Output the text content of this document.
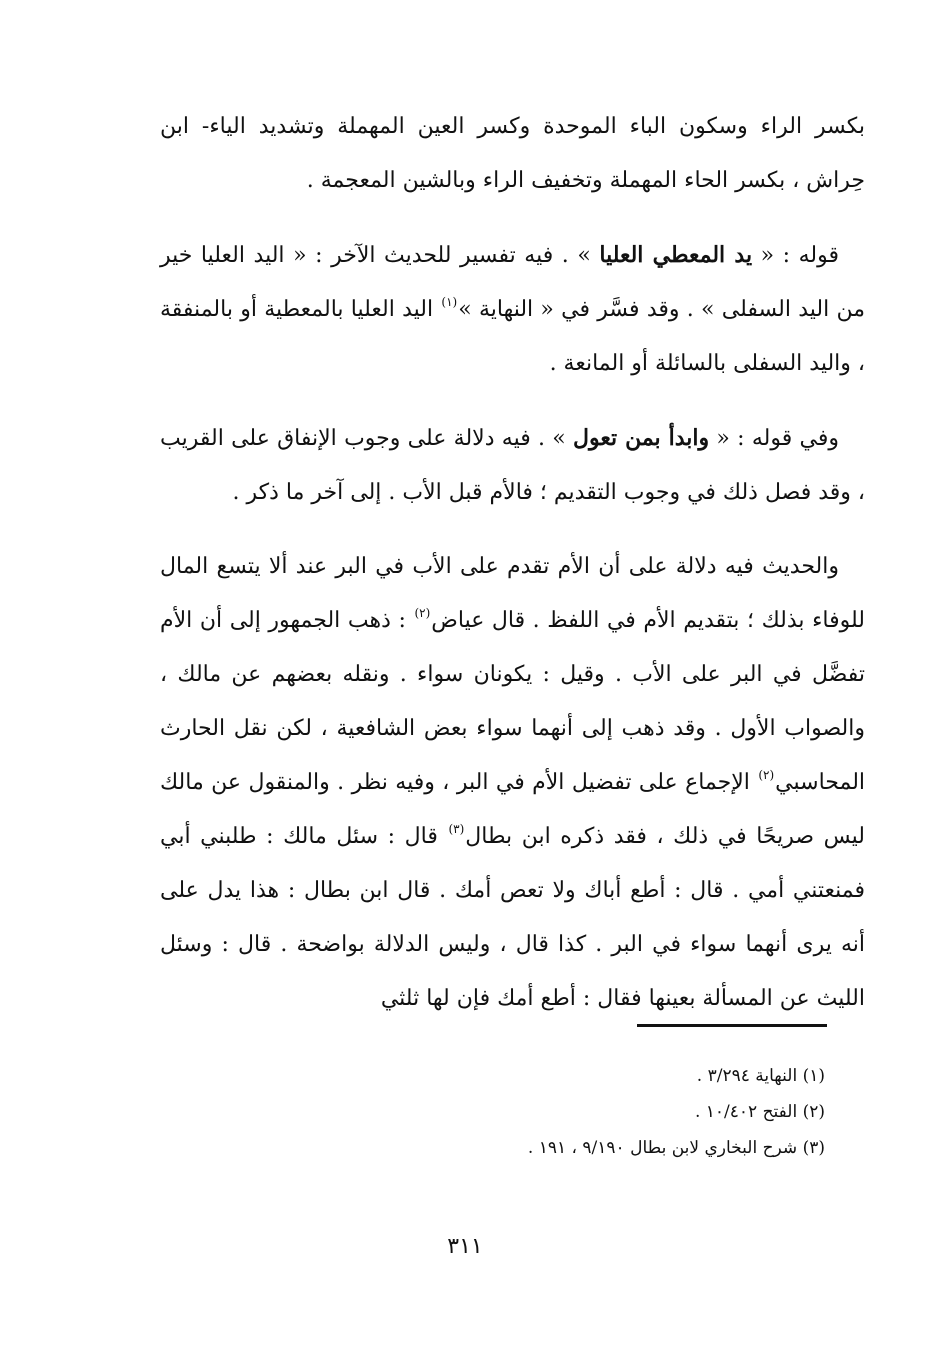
بكسر الراء وسكون الباء الموحدة وكسر العين المهملة وتشديد الياء- ابن حِراش ، بكسر الحاء المهملة وتخفيف الراء وبالشين المعجمة .

قوله : « يد المعطي العليا » . فيه تفسير للحديث الآخر : « اليد العليا خير من اليد السفلى » . وقد فسَّر في « النهاية »$^{(١)}$ اليد العليا بالمعطية أو بالمنفقة ، واليد السفلى بالسائلة أو المانعة .

وفي قوله : « وابدأ بمن تعول » . فيه دلالة على وجوب الإنفاق على القريب ، وقد فصل ذلك في وجوب التقديم ؛ فالأم قبل الأب . إلى آخر ما ذكر .

والحديث فيه دلالة على أن الأم تقدم على الأب في البر عند ألا يتسع المال للوفاء بذلك ؛ بتقديم الأم في اللفظ . قال عياض$^{(٢)}$ : ذهب الجمهور إلى أن الأم تفضَّل في البر على الأب . وقيل : يكونان سواء . ونقله بعضهم عن مالك ، والصواب الأول . وقد ذهب إلى أنهما سواء بعض الشافعية ، لكن نقل الحارث المحاسبي$^{(٢)}$ الإجماع على تفضيل الأم في البر ، وفيه نظر . والمنقول عن مالك ليس صريحًا في ذلك ، فقد ذكره ابن بطال$^{(٣)}$ قال : سئل مالك : طلبني أبي فمنعتني أمي . قال : أطع أباك ولا تعص أمك . قال ابن بطال : هذا يدل على أنه يرى أنهما سواء في البر . كذا قال ، وليس الدلالة بواضحة . قال : وسئل الليث عن المسألة بعينها فقال : أطع أمك فإن لها ثلثي

(١) النهاية ٣/٢٩٤ .

(٢) الفتح ١٠/٤٠٢ .

(٣) شرح البخاري لابن بطال ٩/١٩٠ ، ١٩١ .

٣١١
